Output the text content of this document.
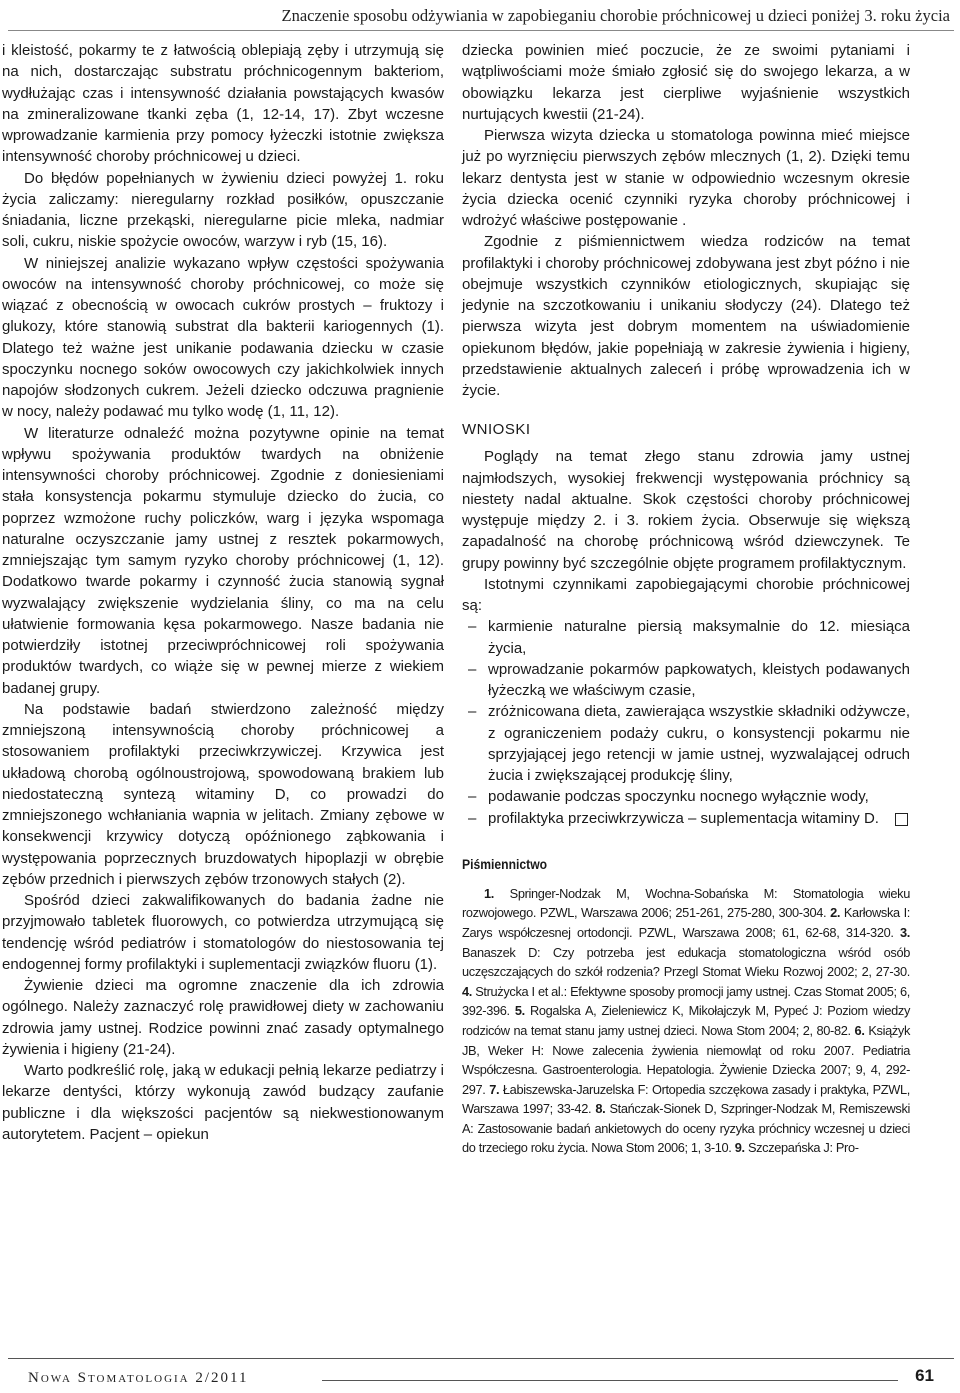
Znaczenie sposobu odżywiania w zapobieganiu chorobie próchnicowej u dzieci poniżej 3. roku życia

i kleistość, pokarmy te z łatwością oblepiają zęby i utrzymują się na nich, dostarczając substratu próchnicogennym bakteriom, wydłużając czas i intensywność działania powstających kwasów na zmineralizowane tkanki zęba (1, 12-14, 17). Zbyt wczesne wprowadzanie karmienia przy pomocy łyżeczki istotnie zwiększa intensywność choroby próchnicowej u dzieci.

Do błędów popełnianych w żywieniu dzieci powyżej 1. roku życia zaliczamy: nieregularny rozkład posiłków, opuszczanie śniadania, liczne przekąski, nieregularne picie mleka, nadmiar soli, cukru, niskie spożycie owoców, warzyw i ryb (15, 16).

W niniejszej analizie wykazano wpływ częstości spożywania owoców na intensywność choroby próchnicowej, co może się wiązać z obecnością w owocach cukrów prostych – fruktozy i glukozy, które stanowią substrat dla bakterii kariogennych (1). Dlatego też ważne jest unikanie podawania dziecku w czasie spoczynku nocnego soków owocowych czy jakichkolwiek innych napojów słodzonych cukrem. Jeżeli dziecko odczuwa pragnienie w nocy, należy podawać mu tylko wodę (1, 11, 12).

W literaturze odnaleźć można pozytywne opinie na temat wpływu spożywania produktów twardych na obniżenie intensywności choroby próchnicowej. Zgodnie z doniesieniami stała konsystencja pokarmu stymuluje dziecko do żucia, co poprzez wzmożone ruchy policzków, warg i języka wspomaga naturalne oczyszczanie jamy ustnej z resztek pokarmowych, zmniejszając tym samym ryzyko choroby próchnicowej (1, 12). Dodatkowo twarde pokarmy i czynność żucia stanowią sygnał wyzwalający zwiększenie wydzielania śliny, co ma na celu ułatwienie formowania kęsa pokarmowego. Nasze badania nie potwierdziły istotnej przeciwpróchnicowej roli spożywania produktów twardych, co wiąże się w pewnej mierze z wiekiem badanej grupy.

Na podstawie badań stwierdzono zależność między zmniejszoną intensywnością choroby próchnicowej a stosowaniem profilaktyki przeciwkrzywiczej. Krzywica jest układową chorobą ogólnoustrojową, spowodowaną brakiem lub niedostateczną syntezą witaminy D, co prowadzi do zmniejszonego wchłaniania wapnia w jelitach. Zmiany zębowe w konsekwencji krzywicy dotyczą opóźnionego ząbkowania i występowania poprzecznych bruzdowatych hipoplazji w obrębie zębów przednich i pierwszych zębów trzonowych stałych (2).

Spośród dzieci zakwalifikowanych do badania żadne nie przyjmowało tabletek fluorowych, co potwierdza utrzymującą się tendencję wśród pediatrów i stomatologów do niestosowania tej endogennej formy profilaktyki i suplementacji związków fluoru (1).

Żywienie dzieci ma ogromne znaczenie dla ich zdrowia ogólnego. Należy zaznaczyć rolę prawidłowej diety w zachowaniu zdrowia jamy ustnej. Rodzice powinni znać zasady optymalnego żywienia i higieny (21-24).

Warto podkreślić rolę, jaką w edukacji pełnią lekarze pediatrzy i lekarze dentyści, którzy wykonują zawód budzący zaufanie publiczne i dla większości pacjentów są niekwestionowanym autorytetem. Pacjent – opiekun

dziecka powinien mieć poczucie, że ze swoimi pytaniami i wątpliwościami może śmiało zgłosić się do swojego lekarza, a w obowiązku lekarza jest cierpliwe wyjaśnienie wszystkich nurtujących kwestii (21-24).

Pierwsza wizyta dziecka u stomatologa powinna mieć miejsce już po wyrznięciu pierwszych zębów mlecznych (1, 2). Dzięki temu lekarz dentysta jest w stanie w odpowiednio wczesnym okresie życia dziecka ocenić czynniki ryzyka choroby próchnicowej i wdrożyć właściwe postępowanie .

Zgodnie z piśmiennictwem wiedza rodziców na temat profilaktyki i choroby próchnicowej zdobywana jest zbyt późno i nie obejmuje wszystkich czynników etiologicznych, skupiając się jedynie na szczotkowaniu i unikaniu słodyczy (24). Dlatego też pierwsza wizyta jest dobrym momentem na uświadomienie opiekunom błędów, jakie popełniają w zakresie żywienia i higieny, przedstawienie aktualnych zaleceń i próbę wprowadzenia ich w życie.

WNIOSKI

Poglądy na temat złego stanu zdrowia jamy ustnej najmłodszych, wysokiej frekwencji występowania próchnicy są niestety nadal aktualne. Skok częstości choroby próchnicowej występuje między 2. i 3. rokiem życia. Obserwuje się większą zapadalność na chorobę próchnicową wśród dziewczynek. Te grupy powinny być szczególnie objęte programem profilaktycznym.

Istotnymi czynnikami zapobiegającymi chorobie próchnicowej są:

– karmienie naturalne piersią maksymalnie do 12. miesiąca życia,
– wprowadzanie pokarmów papkowatych, kleistych podawanych łyżeczką we właściwym czasie,
– zróżnicowana dieta, zawierająca wszystkie składniki odżywcze, z ograniczeniem podaży cukru, o konsystencji pokarmu nie sprzyjającej jego retencji w jamie ustnej, wyzwalającej odruch żucia i zwiększającej produkcję śliny,
– podawanie podczas spoczynku nocnego wyłącznie wody,
– profilaktyka przeciwkrzywicza – suplementacja witaminy D.
Piśmiennictwo

1. Springer-Nodzak M, Wochna-Sobańska M: Stomatologia wieku rozwojowego. PZWL, Warszawa 2006; 251-261, 275-280, 300-304. 2. Karłowska I: Zarys współczesnej ortodoncji. PZWL, Warszawa 2008; 61, 62-68, 314-320. 3. Banaszek D: Czy potrzeba jest edukacja stomatologiczna wśród osób uczęszczających do szkół rodzenia? Przegl Stomat Wieku Rozwoj 2002; 2, 27-30. 4. Strużycka I et al.: Efektywne sposoby promocji jamy ustnej. Czas Stomat 2005; 6, 392-396. 5. Rogalska A, Zieleniewicz K, Mikołajczyk M, Pypeć J: Poziom wiedzy rodziców na temat stanu jamy ustnej dzieci. Nowa Stom 2004; 2, 80-82. 6. Książyk JB, Weker H: Nowe zalecenia żywienia niemowląt od roku 2007. Pediatria Współczesna. Gastroenterologia. Hepatologia. Żywienie Dziecka 2007; 9, 4, 292-297. 7. Łabiszewska-Jaruzelska F: Ortopedia szczękowa zasady i praktyka, PZWL, Warszawa 1997; 33-42. 8. Stańczak-Sionek D, Szpringer-Nodzak M, Remiszewski A: Zastosowanie badań ankietowych do oceny ryzyka próchnicy wczesnej u dzieci do trzeciego roku życia. Nowa Stom 2006; 1, 3-10. 9. Szczepańska J: Pro-

Nowa Stomatologia 2/2011	61
